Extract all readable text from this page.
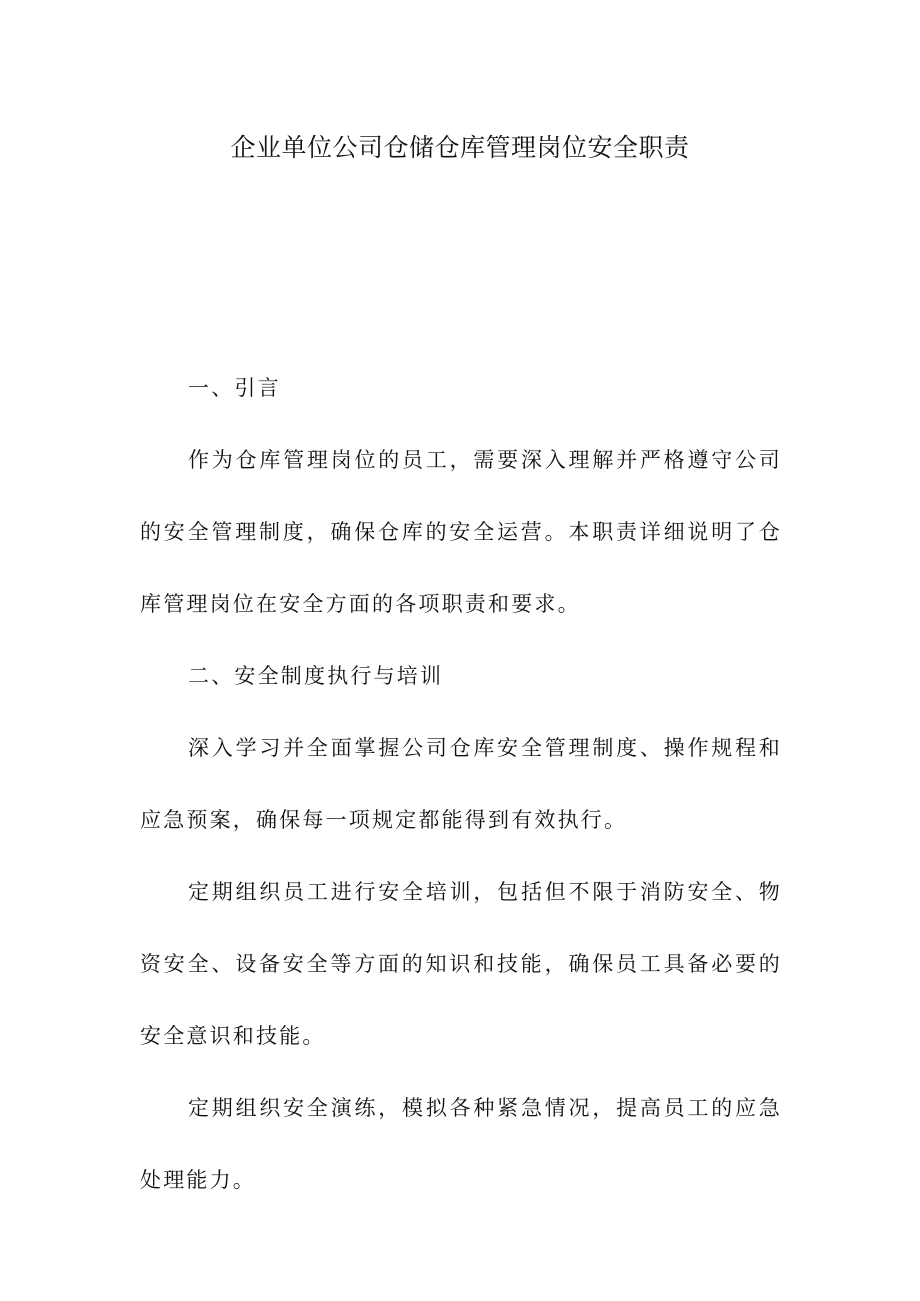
企业单位公司仓储仓库管理岗位安全职责

一、引言

作为仓库管理岗位的员工，需要深入理解并严格遵守公司的安全管理制度，确保仓库的安全运营。本职责详细说明了仓库管理岗位在安全方面的各项职责和要求。

二、安全制度执行与培训

深入学习并全面掌握公司仓库安全管理制度、操作规程和应急预案，确保每一项规定都能得到有效执行。

定期组织员工进行安全培训，包括但不限于消防安全、物资安全、设备安全等方面的知识和技能，确保员工具备必要的安全意识和技能。

定期组织安全演练，模拟各种紧急情况，提高员工的应急处理能力。
